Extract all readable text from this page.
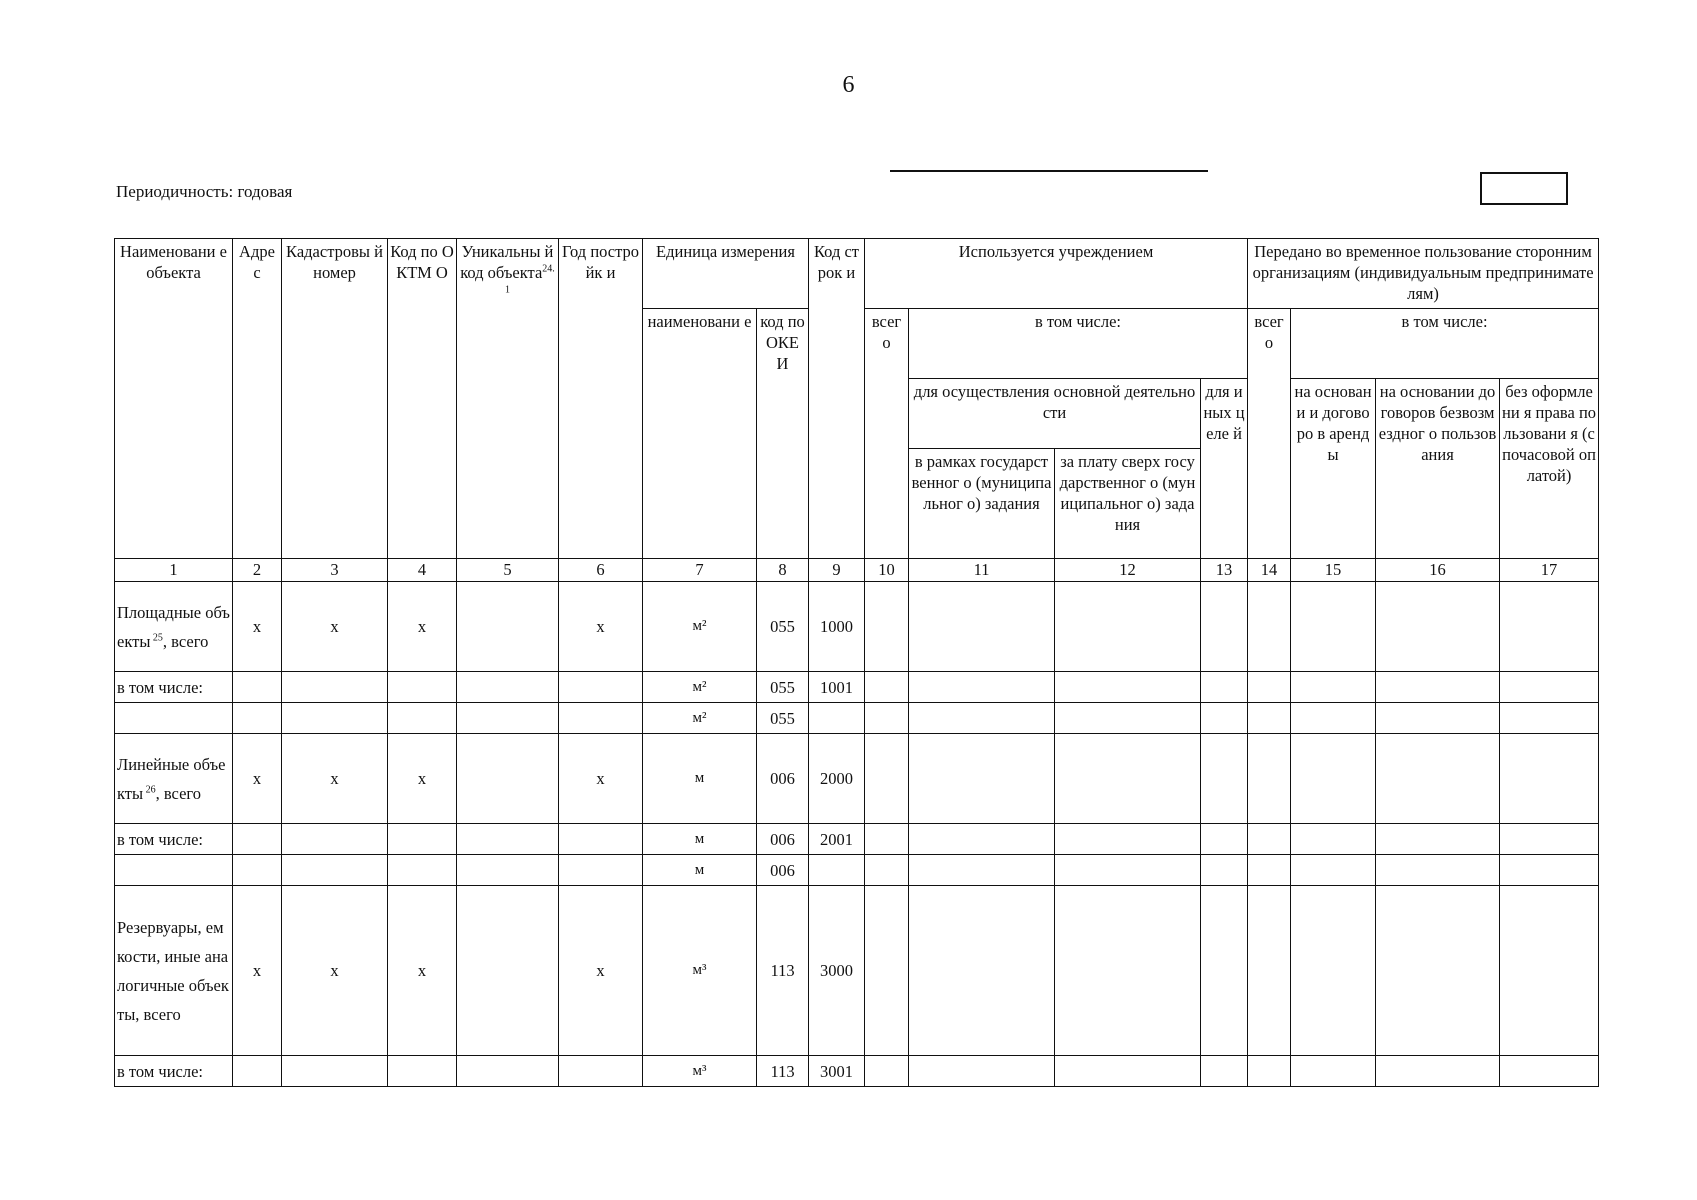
6
Периодичность: годовая
Наименовани е объекта	Адре с	Кадастровы й номер	Код по ОКТМ О	Уникальны й код объекта$^{24.1}$	Год постройк и	Единица измерения		Код строк и	Используется учреждением				Передано во временное пользование сторонним организациям (индивидуальным предпринимателям)			
						наименовани е	код по ОКЕ И		всег о	в том числе:			всег о	в том числе:		
										для осуществления основной деятельности		для иных целе й		на основани и договоро в аренды	на основании договоров безвозмездног о пользования	без оформлени я права пользовани я (с почасовой оплатой)
										в рамках государственног о (муниципальног о) задания	за плату сверх государственног о (муниципальног о) задания					
1	2	3	4	5	6	7	8	9	10	11	12	13	14	15	16	17

Площадные объекты $^{25}$, всего	x	x	x		x	м²	055	1000								
в том числе:						м²	055	1001								
						м²	055									

Линейные объекты $^{26}$, всего	x	x	x		x	м	006	2000								
в том числе:						м	006	2001								
						м	006									

Резервуары, емкости, иные аналогичные объекты, всего	x	x	x		x	м³	113	3000								
в том числе:						м³	113	3001								
